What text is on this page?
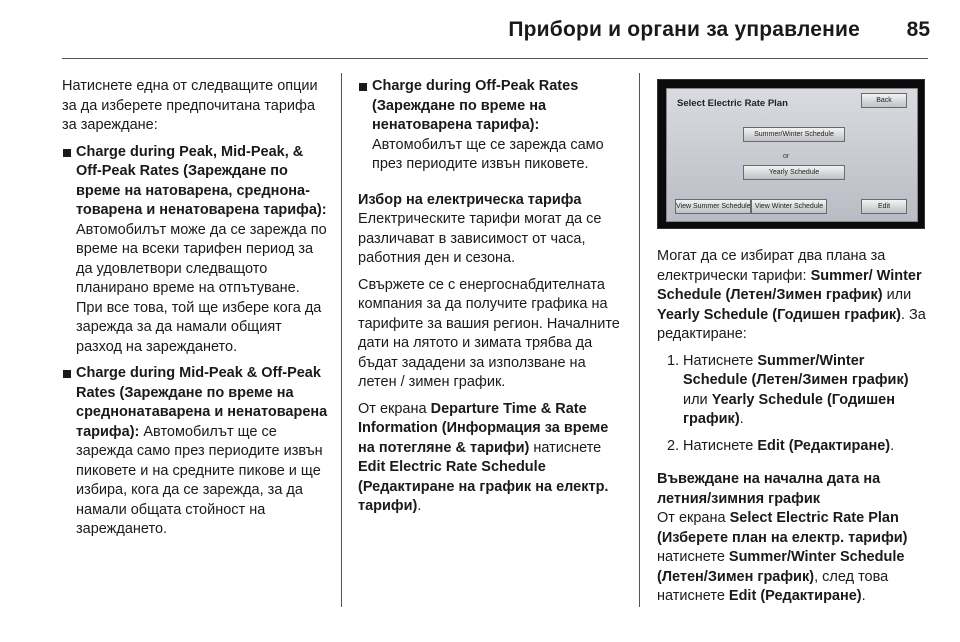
Прибори и органи за управление	85

Натиснете една от следващите опции за да изберете предпочитана тарифа за зареждане:

Charge during Peak, Mid-Peak, & Off-Peak Rates (Зареждане по време на натоварена, среднона-товарена и ненатоварена тарифа): Автомобилът може да се зарежда по време на всеки тарифен период за да удовлетвори следващото планирано време на отпътуване. При все това, той ще избере кога да зарежда за да намали общият разход на зареждането.
Charge during Mid-Peak & Off-Peak Rates (Зареждане по време на среднонатаварена и ненатоварена тарифа): Автомобилът ще се зарежда само през периодите извън пиковете и на средните пикове и ще избира, кога да се зарежда, за да намали общата стойност на зареждането.
Charge during Off-Peak Rates (Зареждане по време на ненатоварена тарифа): Автомобилът ще се зарежда само през периодите извън пиковете.

Избор на електрическа тарифа

Електрическите тарифи могат да се различават в зависимост от часа, работния ден и сезона.

Свържете се с енергоснабдителната компания за да получите графика на тарифите за вашия регион. Началните дати на лятото и зимата трябва да бъдат зададени за използване на летен / зимен график.

От екрана Departure Time & Rate Information (Информация за време на потегляне & тарифи) натиснете Edit Electric Rate Schedule (Редактиране на график на електр. тарифи).

Select Electric Rate Plan	Back
Summer/Winter Schedule
or
Yearly Schedule
View Summer Schedule View Winter Schedule	Edit

Могат да се избират два плана за електрически тарифи: Summer/ Winter Schedule (Летен/Зимен график) или Yearly Schedule (Годишен график). За редактиране:

1. Натиснете Summer/Winter Schedule (Летен/Зимен график) или Yearly Schedule (Годишен график).
2. Натиснете Edit (Редактиране).

Въвеждане на начална дата на летния/зимния график

От екрана Select Electric Rate Plan (Изберете план на електр. тарифи) натиснете Summer/Winter Schedule (Летен/Зимен график), след това натиснете Edit (Редактиране).
